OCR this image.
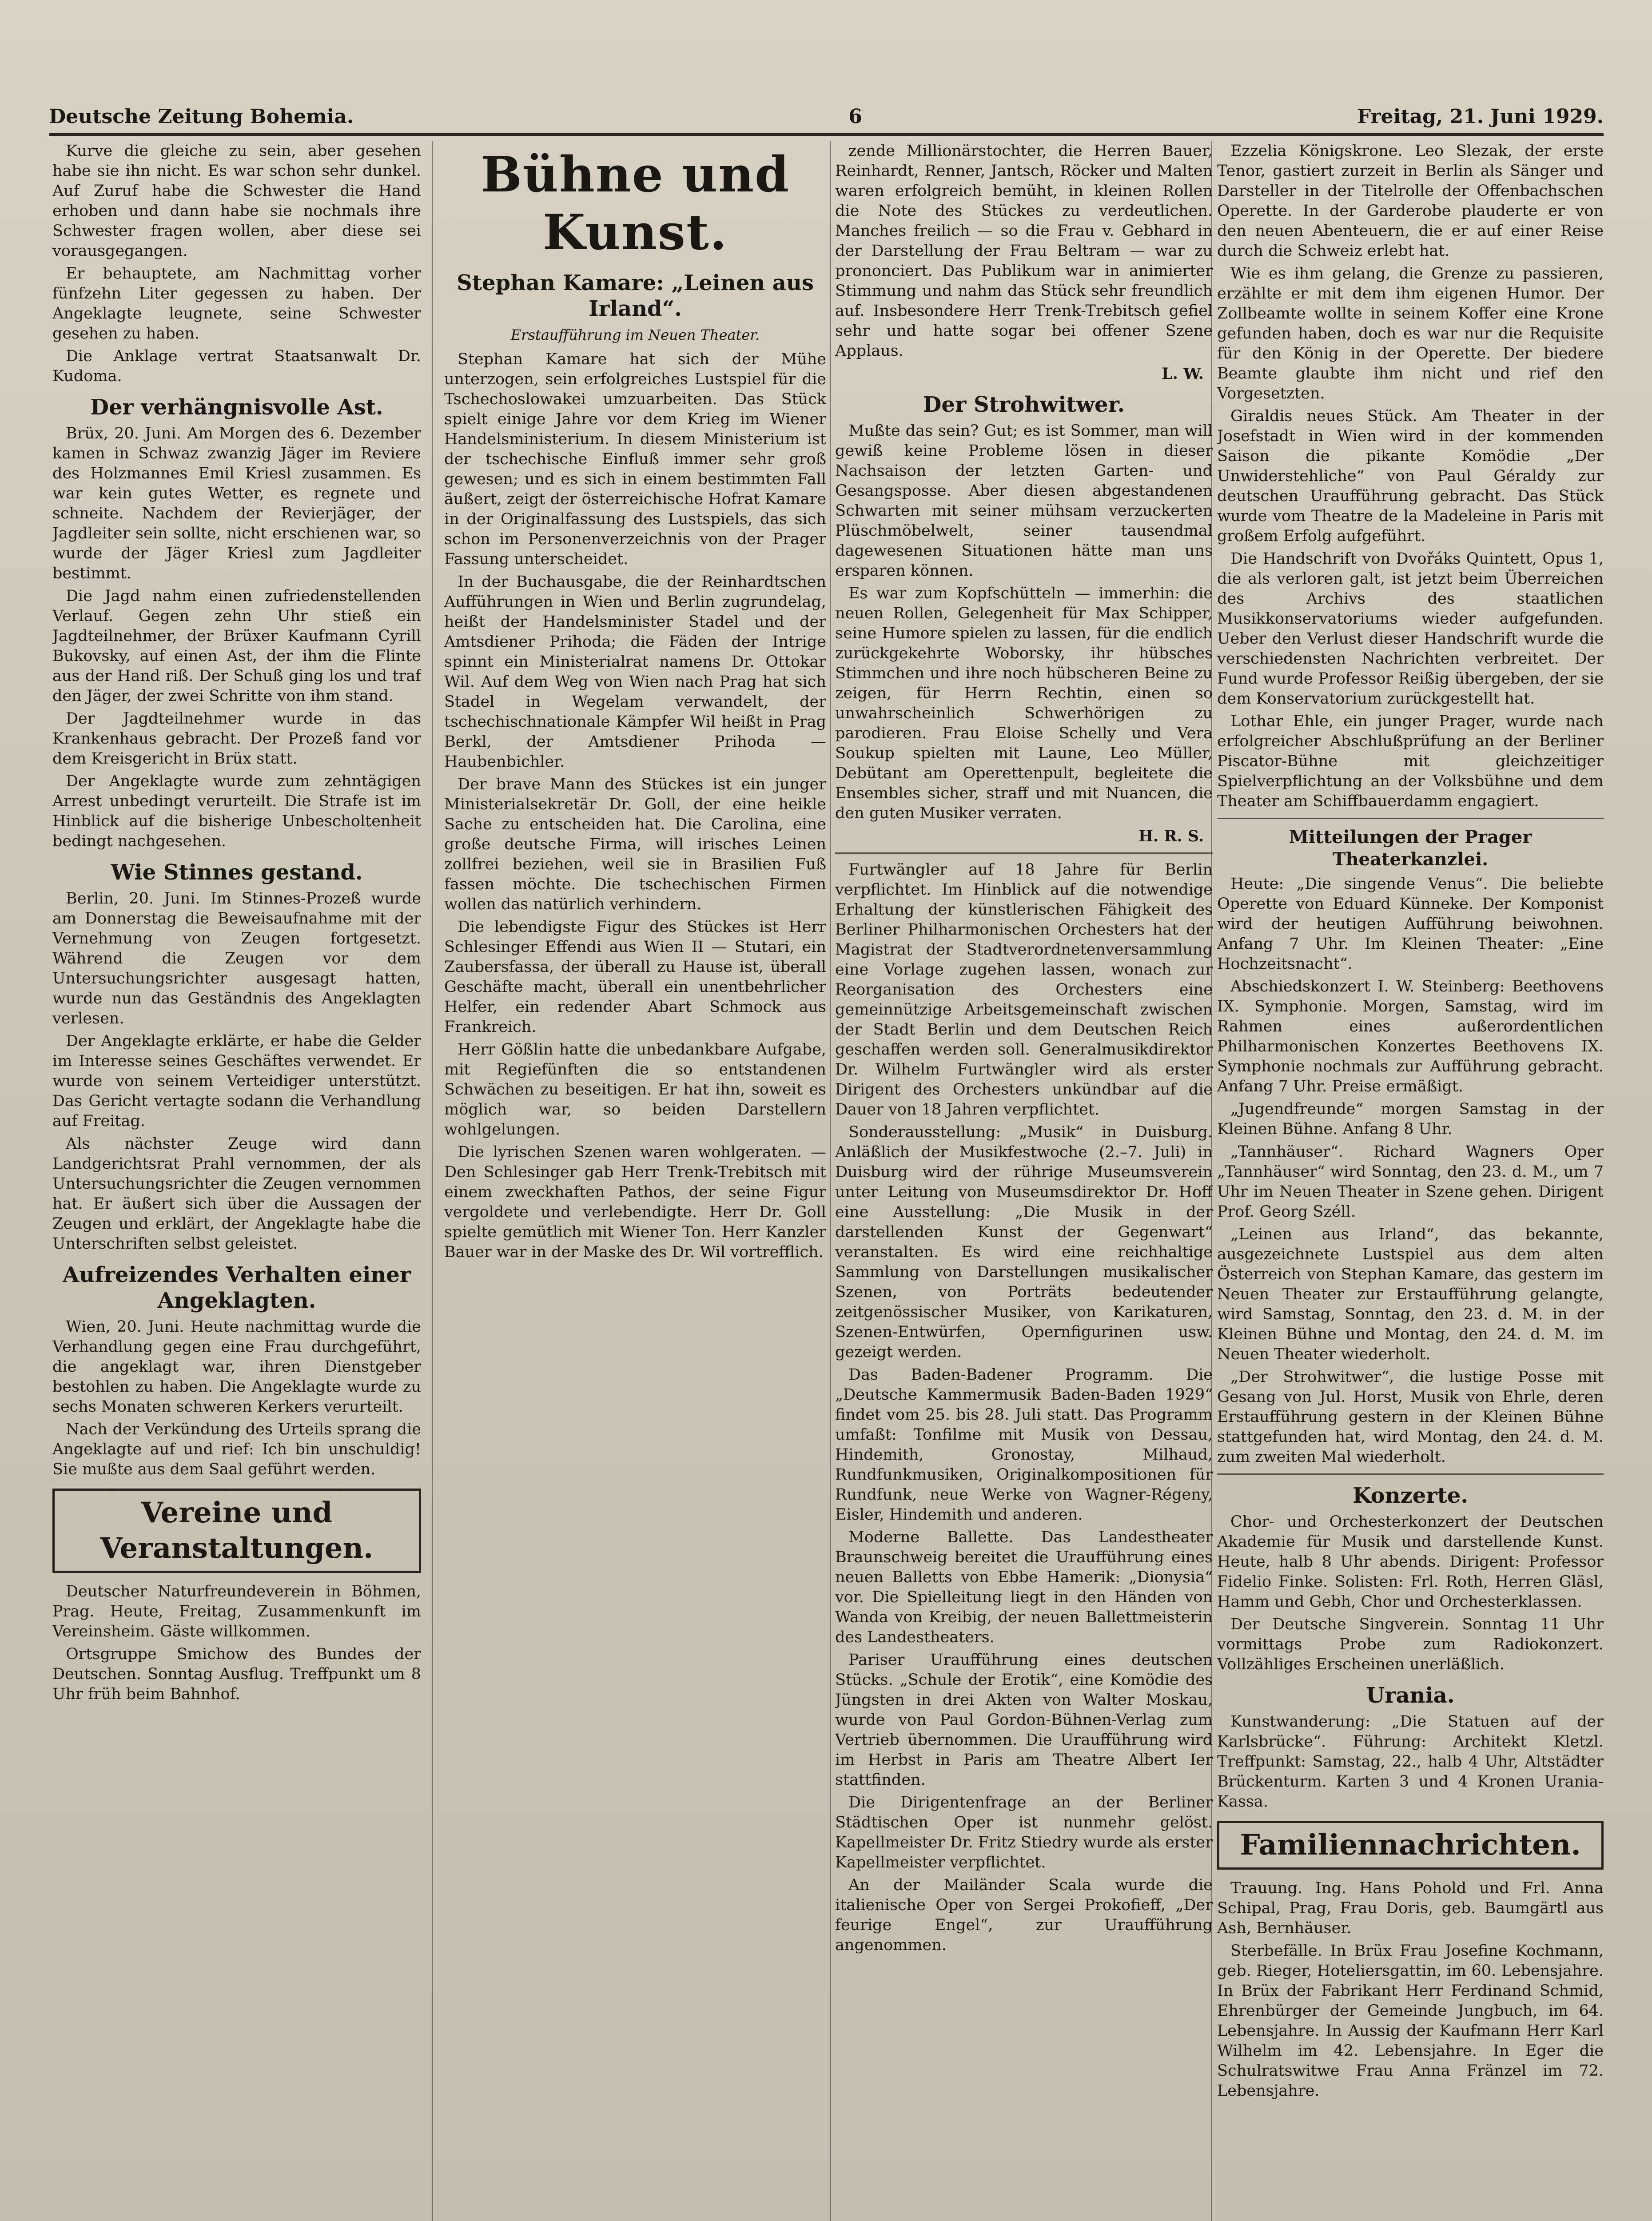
Deutsche Zeitung Bohemia.	6	Freitag, 21. Juni 1929.

Kurve die gleiche zu sein, aber gesehen habe sie ihn nicht. Es war schon sehr dunkel. Auf Zuruf habe die Schwester die Hand erhoben und dann habe sie nochmals ihre Schwester fragen wollen, aber diese sei vorausgegangen.

Er behauptete, am Nachmittag vorher fünfzehn Liter gegessen zu haben. Der Angeklagte leugnete, seine Schwester gesehen zu haben.

Die Anklage vertrat Staatsanwalt Dr. Kudoma.

Der verhängnisvolle Ast.

Brüx, 20. Juni. Am Morgen des 6. Dezember kamen in Schwaz zwanzig Jäger im Reviere des Holzmannes Emil Kriesl zusammen. Es war kein gutes Wetter, es regnete und schneite. Nachdem der Revierjäger, der Jagdleiter sein sollte, nicht erschienen war, so wurde der Jäger Kriesl zum Jagdleiter bestimmt.

Die Jagd nahm einen zufriedenstellenden Verlauf. Gegen zehn Uhr stieß ein Jagdteilnehmer, der Brüxer Kaufmann Cyrill Bukovsky, auf einen Ast, der ihm die Flinte aus der Hand riß. Der Schuß ging los und traf den Jäger, der zwei Schritte von ihm stand.

Der Jagdteilnehmer wurde in das Krankenhaus gebracht. Der Prozeß fand vor dem Kreisgericht in Brüx statt.

Der Angeklagte wurde zum zehntägigen Arrest unbedingt verurteilt. Die Strafe ist im Hinblick auf die bisherige Unbescholtenheit bedingt nachgesehen.

Wie Stinnes gestand.

Berlin, 20. Juni. Im Stinnes-Prozeß wurde am Donnerstag die Beweisaufnahme mit der Vernehmung von Zeugen fortgesetzt. Während die Zeugen vor dem Untersuchungsrichter ausgesagt hatten, wurde nun das Geständnis des Angeklagten verlesen.

Der Angeklagte erklärte, er habe die Gelder im Interesse seines Geschäftes verwendet. Er wurde von seinem Verteidiger unterstützt. Das Gericht vertagte sodann die Verhandlung auf Freitag.

Als nächster Zeuge wird dann Landgerichtsrat Prahl vernommen, der als Untersuchungsrichter die Zeugen vernommen hat. Er äußert sich über die Aussagen der Zeugen und erklärt, der Angeklagte habe die Unterschriften selbst geleistet.

Aufreizendes Verhalten einer Angeklagten.

Wien, 20. Juni. Heute nachmittag wurde die Verhandlung gegen eine Frau durchgeführt, die angeklagt war, ihren Dienstgeber bestohlen zu haben. Die Angeklagte wurde zu sechs Monaten schweren Kerkers verurteilt.

Nach der Verkündung des Urteils sprang die Angeklagte auf und rief: Ich bin unschuldig! Sie mußte aus dem Saal geführt werden.

Vereine und Veranstaltungen.

Deutscher Naturfreundeverein in Böhmen, Prag. Heute, Freitag, Zusammenkunft im Vereinsheim. Gäste willkommen.

Ortsgruppe Smichow des Bundes der Deutschen. Sonntag Ausflug. Treffpunkt um 8 Uhr früh beim Bahnhof.

Bühne und Kunst.
Stephan Kamare: „Leinen aus Irland“.
Erstaufführung im Neuen Theater.

Stephan Kamare hat sich der Mühe unterzogen, sein erfolgreiches Lustspiel für die Tschechoslowakei umzuarbeiten. Das Stück spielt einige Jahre vor dem Krieg im Wiener Handelsministerium. In diesem Ministerium ist der tschechische Einfluß immer sehr groß gewesen; und es sich in einem bestimmten Fall äußert, zeigt der österreichische Hofrat Kamare in der Originalfassung des Lustspiels, das sich schon im Personenverzeichnis von der Prager Fassung unterscheidet.

In der Buchausgabe, die der Reinhardtschen Aufführungen in Wien und Berlin zugrundelag, heißt der Handelsminister Stadel und der Amtsdiener Prihoda; die Fäden der Intrige spinnt ein Ministerialrat namens Dr. Ottokar Wil. Auf dem Weg von Wien nach Prag hat sich Stadel in Wegelam verwandelt, der tschechischnationale Kämpfer Wil heißt in Prag Berkl, der Amtsdiener Prihoda — Haubenbichler.

Der brave Mann des Stückes ist ein junger Ministerialsekretär Dr. Goll, der eine heikle Sache zu entscheiden hat. Die Carolina, eine große deutsche Firma, will irisches Leinen zollfrei beziehen, weil sie in Brasilien Fuß fassen möchte. Die tschechischen Firmen wollen das natürlich verhindern.

Die lebendigste Figur des Stückes ist Herr Schlesinger Effendi aus Wien II — Stutari, ein Zaubersfassa, der überall zu Hause ist, überall Geschäfte macht, überall ein unentbehrlicher Helfer, ein redender Abart Schmock aus Frankreich.

Herr Gößlin hatte die unbedankbare Aufgabe, mit Regiefünften die so entstandenen Schwächen zu beseitigen. Er hat ihn, soweit es möglich war, so beiden Darstellern wohlgelungen.

Die lyrischen Szenen waren wohlgeraten. — Den Schlesinger gab Herr Trenk-Trebitsch mit einem zweckhaften Pathos, der seine Figur vergoldete und verlebendigte. Herr Dr. Goll spielte gemütlich mit Wiener Ton. Herr Kanzler Bauer war in der Maske des Dr. Wil vortrefflich.

zende Millionärstochter, die Herren Bauer, Reinhardt, Renner, Jantsch, Röcker und Malten waren erfolgreich bemüht, in kleinen Rollen die Note des Stückes zu verdeutlichen. Manches freilich — so die Frau v. Gebhard in der Darstellung der Frau Beltram — war zu prononciert. Das Publikum war in animierter Stimmung und nahm das Stück sehr freundlich auf. Insbesondere Herr Trenk-Trebitsch gefiel sehr und hatte sogar bei offener Szene Applaus.

L. W.
Der Strohwitwer.

Mußte das sein? Gut; es ist Sommer, man will gewiß keine Probleme lösen in dieser Nachsaison der letzten Garten- und Gesangsposse. Aber diesen abgestandenen Schwarten mit seiner mühsam verzuckerten Plüschmöbelwelt, seiner tausendmal dagewesenen Situationen hätte man uns ersparen können.

Es war zum Kopfschütteln — immerhin: die neuen Rollen, Gelegenheit für Max Schipper, seine Humore spielen zu lassen, für die endlich zurückgekehrte Woborsky, ihr hübsches Stimmchen und ihre noch hübscheren Beine zu zeigen, für Herrn Rechtin, einen so unwahrscheinlich Schwerhörigen zu parodieren. Frau Eloise Schelly und Vera Soukup spielten mit Laune, Leo Müller, Debütant am Operettenpult, begleitete die Ensembles sicher, straff und mit Nuancen, die den guten Musiker verraten.

H. R. S.

Furtwängler auf 18 Jahre für Berlin verpflichtet. Im Hinblick auf die notwendige Erhaltung der künstlerischen Fähigkeit des Berliner Philharmonischen Orchesters hat der Magistrat der Stadtverordnetenversammlung eine Vorlage zugehen lassen, wonach zur Reorganisation des Orchesters eine gemeinnützige Arbeitsgemeinschaft zwischen der Stadt Berlin und dem Deutschen Reich geschaffen werden soll. Generalmusikdirektor Dr. Wilhelm Furtwängler wird als erster Dirigent des Orchesters unkündbar auf die Dauer von 18 Jahren verpflichtet.

Sonderausstellung: „Musik“ in Duisburg. Anläßlich der Musikfestwoche (2.–7. Juli) in Duisburg wird der rührige Museumsverein unter Leitung von Museumsdirektor Dr. Hoff eine Ausstellung: „Die Musik in der darstellenden Kunst der Gegenwart“ veranstalten. Es wird eine reichhaltige Sammlung von Darstellungen musikalischer Szenen, von Porträts bedeutender zeitgenössischer Musiker, von Karikaturen, Szenen-Entwürfen, Opernfigurinen usw. gezeigt werden.

Das Baden-Badener Programm. Die „Deutsche Kammermusik Baden-Baden 1929“ findet vom 25. bis 28. Juli statt. Das Programm umfaßt: Tonfilme mit Musik von Dessau, Hindemith, Gronostay, Milhaud, Rundfunkmusiken, Originalkompositionen für Rundfunk, neue Werke von Wagner-Régeny, Eisler, Hindemith und anderen.

Moderne Ballette. Das Landestheater Braunschweig bereitet die Uraufführung eines neuen Balletts von Ebbe Hamerik: „Dionysia“ vor. Die Spielleitung liegt in den Händen von Wanda von Kreibig, der neuen Ballettmeisterin des Landestheaters.

Pariser Uraufführung eines deutschen Stücks. „Schule der Erotik“, eine Komödie des Jüngsten in drei Akten von Walter Moskau, wurde von Paul Gordon-Bühnen-Verlag zum Vertrieb übernommen. Die Uraufführung wird im Herbst in Paris am Theatre Albert Ier stattfinden.

Die Dirigentenfrage an der Berliner Städtischen Oper ist nunmehr gelöst. Kapellmeister Dr. Fritz Stiedry wurde als erster Kapellmeister verpflichtet.

An der Mailänder Scala wurde die italienische Oper von Sergei Prokofieff, „Der feurige Engel“, zur Uraufführung angenommen.

Ezzelia Königskrone. Leo Slezak, der erste Tenor, gastiert zurzeit in Berlin als Sänger und Darsteller in der Titelrolle der Offenbachschen Operette. In der Garderobe plauderte er von den neuen Abenteuern, die er auf einer Reise durch die Schweiz erlebt hat.

Wie es ihm gelang, die Grenze zu passieren, erzählte er mit dem ihm eigenen Humor. Der Zollbeamte wollte in seinem Koffer eine Krone gefunden haben, doch es war nur die Requisite für den König in der Operette. Der biedere Beamte glaubte ihm nicht und rief den Vorgesetzten.

Giraldis neues Stück. Am Theater in der Josefstadt in Wien wird in der kommenden Saison die pikante Komödie „Der Unwiderstehliche“ von Paul Géraldy zur deutschen Uraufführung gebracht. Das Stück wurde vom Theatre de la Madeleine in Paris mit großem Erfolg aufgeführt.

Die Handschrift von Dvořáks Quintett, Opus 1, die als verloren galt, ist jetzt beim Überreichen des Archivs des staatlichen Musikkonservatoriums wieder aufgefunden. Ueber den Verlust dieser Handschrift wurde die verschiedensten Nachrichten verbreitet. Der Fund wurde Professor Reißig übergeben, der sie dem Konservatorium zurückgestellt hat.

Lothar Ehle, ein junger Prager, wurde nach erfolgreicher Abschlußprüfung an der Berliner Piscator-Bühne mit gleichzeitiger Spielverpflichtung an der Volksbühne und dem Theater am Schiffbauerdamm engagiert.

Mitteilungen der Prager Theaterkanzlei.

Heute: „Die singende Venus“. Die beliebte Operette von Eduard Künneke. Der Komponist wird der heutigen Aufführung beiwohnen. Anfang 7 Uhr. Im Kleinen Theater: „Eine Hochzeitsnacht“.

Abschiedskonzert I. W. Steinberg: Beethovens IX. Symphonie. Morgen, Samstag, wird im Rahmen eines außerordentlichen Philharmonischen Konzertes Beethovens IX. Symphonie nochmals zur Aufführung gebracht. Anfang 7 Uhr. Preise ermäßigt.

„Jugendfreunde“ morgen Samstag in der Kleinen Bühne. Anfang 8 Uhr.

„Tannhäuser“. Richard Wagners Oper „Tannhäuser“ wird Sonntag, den 23. d. M., um 7 Uhr im Neuen Theater in Szene gehen. Dirigent Prof. Georg Széll.

„Leinen aus Irland“, das bekannte, ausgezeichnete Lustspiel aus dem alten Österreich von Stephan Kamare, das gestern im Neuen Theater zur Erstaufführung gelangte, wird Samstag, Sonntag, den 23. d. M. in der Kleinen Bühne und Montag, den 24. d. M. im Neuen Theater wiederholt.

„Der Strohwitwer“, die lustige Posse mit Gesang von Jul. Horst, Musik von Ehrle, deren Erstaufführung gestern in der Kleinen Bühne stattgefunden hat, wird Montag, den 24. d. M. zum zweiten Mal wiederholt.

Konzerte.

Chor- und Orchesterkonzert der Deutschen Akademie für Musik und darstellende Kunst. Heute, halb 8 Uhr abends. Dirigent: Professor Fidelio Finke. Solisten: Frl. Roth, Herren Gläsl, Hamm und Gebh, Chor und Orchesterklassen.

Der Deutsche Singverein. Sonntag 11 Uhr vormittags Probe zum Radiokonzert. Vollzähliges Erscheinen unerläßlich.

Urania.

Kunstwanderung: „Die Statuen auf der Karlsbrücke“. Führung: Architekt Kletzl. Treffpunkt: Samstag, 22., halb 4 Uhr, Altstädter Brückenturm. Karten 3 und 4 Kronen Urania-Kassa.

Familiennachrichten.

Trauung. Ing. Hans Pohold und Frl. Anna Schipal, Prag, Frau Doris, geb. Baumgärtl aus Ash, Bernhäuser.

Sterbefälle. In Brüx Frau Josefine Kochmann, geb. Rieger, Hoteliersgattin, im 60. Lebensjahre. In Brüx der Fabrikant Herr Ferdinand Schmid, Ehrenbürger der Gemeinde Jungbuch, im 64. Lebensjahre. In Aussig der Kaufmann Herr Karl Wilhelm im 42. Lebensjahre. In Eger die Schulratswitwe Frau Anna Fränzel im 72. Lebensjahre.
